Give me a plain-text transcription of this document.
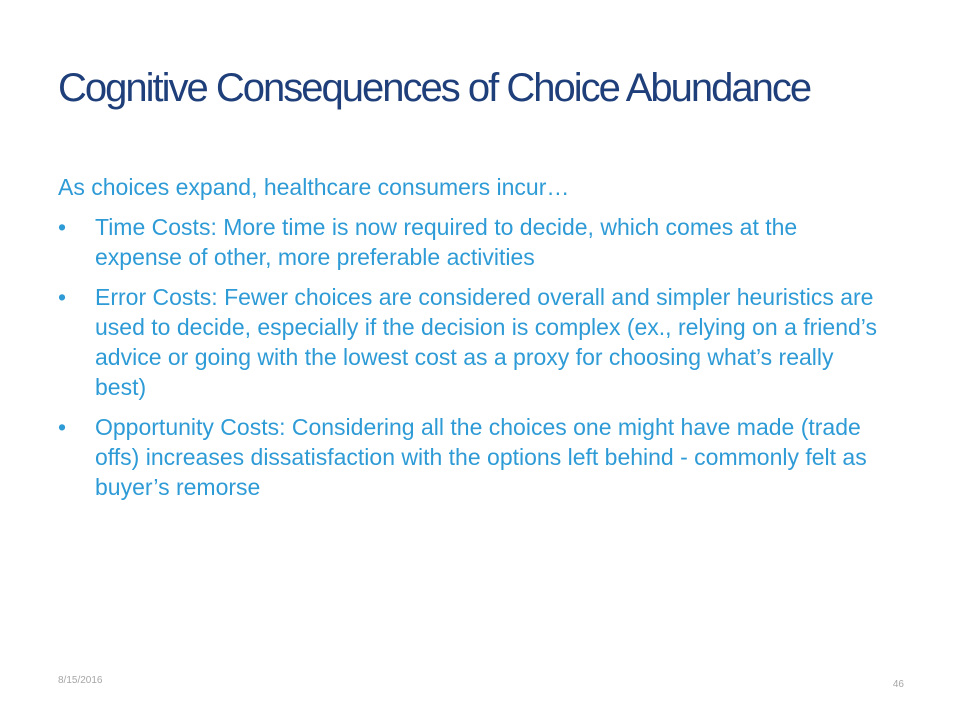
Cognitive Consequences of Choice Abundance

As choices expand, healthcare consumers incur…

• Time Costs: More time is now required to decide, which comes at the expense of other, more preferable activities
• Error Costs: Fewer choices are considered overall and simpler heuristics are used to decide, especially if the decision is complex (ex., relying on a friend’s advice or going with the lowest cost as a proxy for choosing what’s really best)
• Opportunity Costs: Considering all the choices one might have made (trade offs) increases dissatisfaction with the options left behind - commonly felt as buyer’s remorse
8/15/2016	46
